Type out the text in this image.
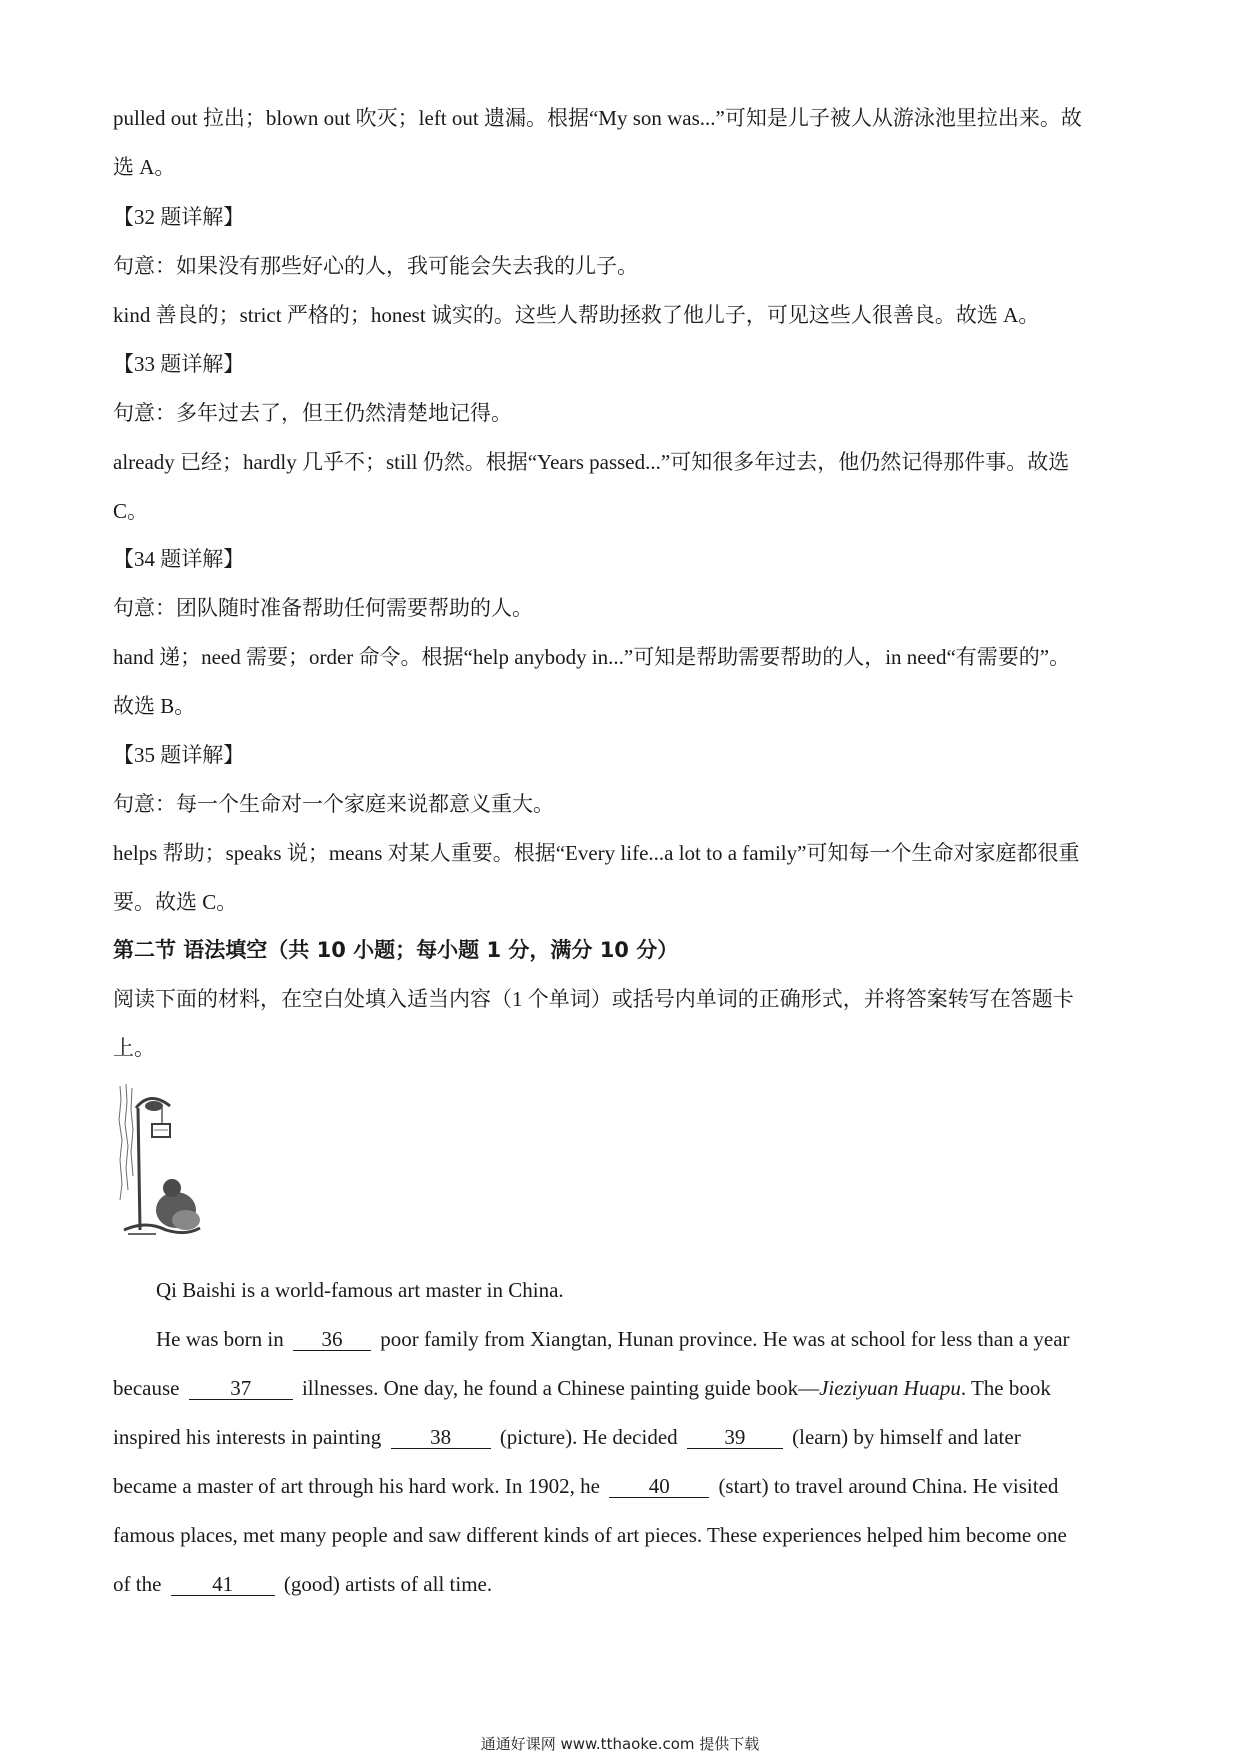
pulled out 拉出；blown out 吹灭；left out 遗漏。根据“My son was...”可知是儿子被人从游泳池里拉出来。故
选 A。
【32 题详解】
句意：如果没有那些好心的人，我可能会失去我的儿子。
kind 善良的；strict 严格的；honest 诚实的。这些人帮助拯救了他儿子，可见这些人很善良。故选 A。
【33 题详解】
句意：多年过去了，但王仍然清楚地记得。
already 已经；hardly 几乎不；still 仍然。根据“Years passed...”可知很多年过去，他仍然记得那件事。故选
C。
【34 题详解】
句意：团队随时准备帮助任何需要帮助的人。
hand 递；need 需要；order 命令。根据“help anybody in...”可知是帮助需要帮助的人，in need“有需要的”。
故选 B。
【35 题详解】
句意：每一个生命对一个家庭来说都意义重大。
helps 帮助；speaks 说；means 对某人重要。根据“Every life...a lot to a family”可知每一个生命对家庭都很重
要。故选 C。
第二节 语法填空（共 10 小题；每小题 1 分，满分 10 分）
阅读下面的材料，在空白处填入适当内容（1 个单词）或括号内单词的正确形式，并将答案转写在答题卡
上。
Qi Baishi is a world-famous art master in China.
He was born in 36 poor family from Xiangtan, Hunan province. He was at school for less than a year
because 37 illnesses. One day, he found a Chinese painting guide book—Jieziyuan Huapu. The book
inspired his interests in painting 38 (picture). He decided 39 (learn) by himself and later
became a master of art through his hard work. In 1902, he 40 (start) to travel around China. He visited
famous places, met many people and saw different kinds of art pieces. These experiences helped him become one
of the 41 (good) artists of all time.
通通好课网 www.tthaoke.com 提供下载
